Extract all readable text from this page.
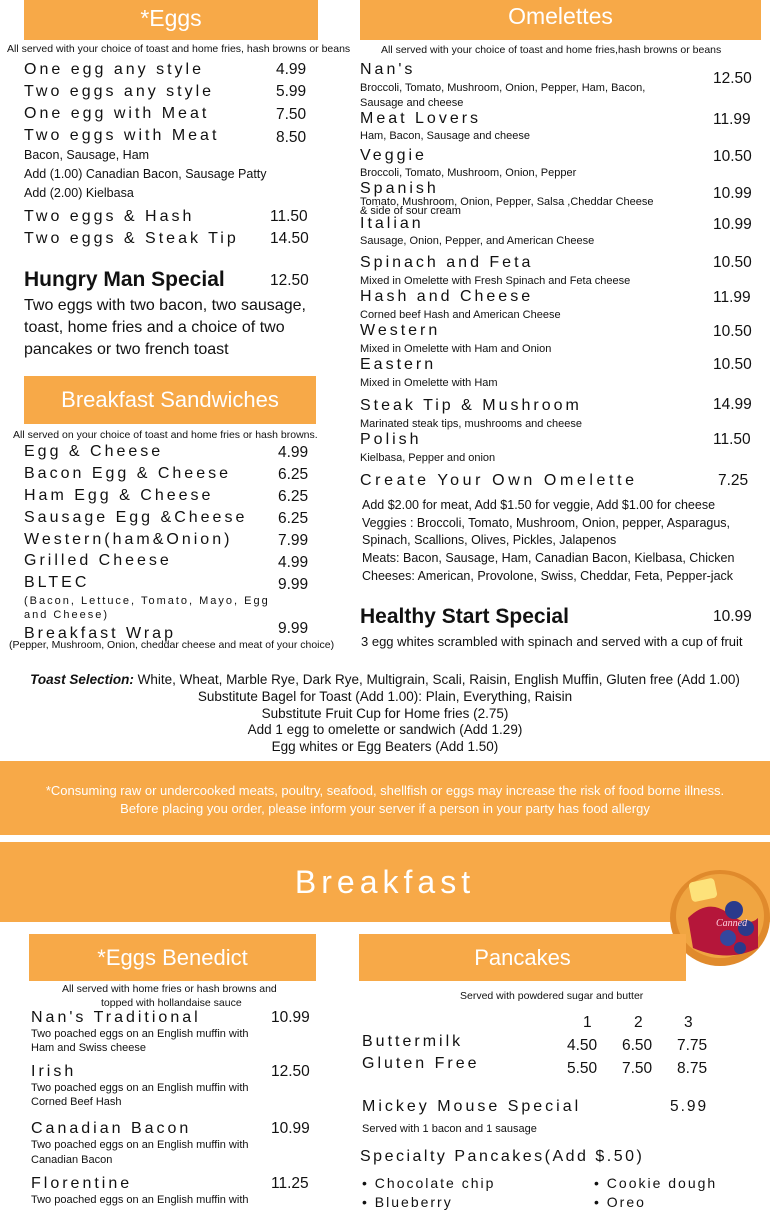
*Eggs
All served with your choice of toast and home fries, hash browns or beans
One egg any style	4.99
Two eggs any style	5.99
One egg with Meat	7.50
Two eggs with Meat	8.50
Bacon, Sausage, Ham
Add (1.00) Canadian Bacon, Sausage Patty
Add (2.00) Kielbasa
Two eggs & Hash	11.50
Two eggs & Steak Tip 14.50
Hungry Man Special	12.50
Two eggs with two bacon, two sausage, toast, home fries and a choice of two pancakes or two french toast
Breakfast Sandwiches
All served on your choice of toast and home fries or hash browns.
Egg & Cheese	4.99
Bacon Egg & Cheese	6.25
Ham Egg & Cheese	6.25
Sausage Egg &Cheese 6.25
Western(ham&Onion)	7.99
Grilled Cheese	4.99
BLTEC	9.99
(Bacon, Lettuce, Tomato, Mayo, Egg
and Cheese)
Breakfast Wrap	9.99
(Pepper, Mushroom, Onion, cheddar cheese and meat of your choice)
Omelettes
All served with your choice of toast and home fries,hash browns or beans
Nan's
12.50
Broccoli, Tomato, Mushroom, Onion, Pepper, Ham, Bacon,
Sausage and cheese
Meat Lovers	11.99
Ham, Bacon, Sausage and cheese
Veggie	10.50
Broccoli, Tomato, Mushroom, Onion, Pepper
Spanish	10.99
Tomato, Mushroom, Onion, Pepper, Salsa ,Cheddar Cheese
& side of sour cream
Italian	10.99
Sausage, Onion, Pepper, and American Cheese
Spinach and Feta	10.50
Mixed in Omelette with Fresh Spinach and Feta cheese
Hash and Cheese	11.99
Corned beef Hash and American Cheese
Western	10.50
Mixed in Omelette with Ham and Onion
Eastern	10.50
Mixed in Omelette with Ham
Steak Tip & Mushroom	14.99
Marinated steak tips, mushrooms and cheese
Polish	11.50
Kielbasa, Pepper and onion
Create Your Own Omelette	7.25
Add $2.00 for meat, Add $1.50 for veggie, Add $1.00 for cheese
Veggies : Broccoli, Tomato, Mushroom, Onion, pepper, Asparagus,
Spinach, Scallions, Olives, Pickles, Jalapenos
Meats: Bacon, Sausage, Ham, Canadian Bacon, Kielbasa, Chicken
Cheeses: American, Provolone, Swiss, Cheddar, Feta, Pepper-jack
Healthy Start Special	10.99
3 egg whites scrambled with spinach and served with a cup of fruit
Toast Selection: White, Wheat, Marble Rye, Dark Rye, Multigrain, Scali, Raisin, English Muffin, Gluten free (Add 1.00)
Substitute Bagel for Toast (Add 1.00): Plain, Everything, Raisin
Substitute Fruit Cup for Home fries (2.75)
Add 1 egg to omelette or sandwich (Add 1.29)
Egg whites or Egg Beaters (Add 1.50)
*Consuming raw or undercooked meats, poultry, seafood, shellfish or eggs may increase the risk of food borne illness.
Before placing you order, please inform your server if a person in your party has food allergy
Breakfast
Canned
*Eggs Benedict
All served with home fries or hash browns and
topped with hollandaise sauce
Nan's Traditional	10.99
Two poached eggs on an English muffin with
Ham and Swiss cheese
Irish	12.50
Two poached eggs on an English muffin with
Corned Beef Hash
Canadian Bacon	10.99
Two poached eggs on an English muffin with
Canadian Bacon
Florentine	11.25
Two poached eggs on an English muffin with
Pancakes
Served with powdered sugar and butter
1	2	3
Buttermilk	4.50 6.50 7.75
Gluten Free	5.50 7.50 8.75
Mickey Mouse Special	5.99
Served with 1 bacon and 1 sausage
Specialty Pancakes(Add $.50)
• Chocolate chip
• Blueberry
• Cookie dough
• Oreo
